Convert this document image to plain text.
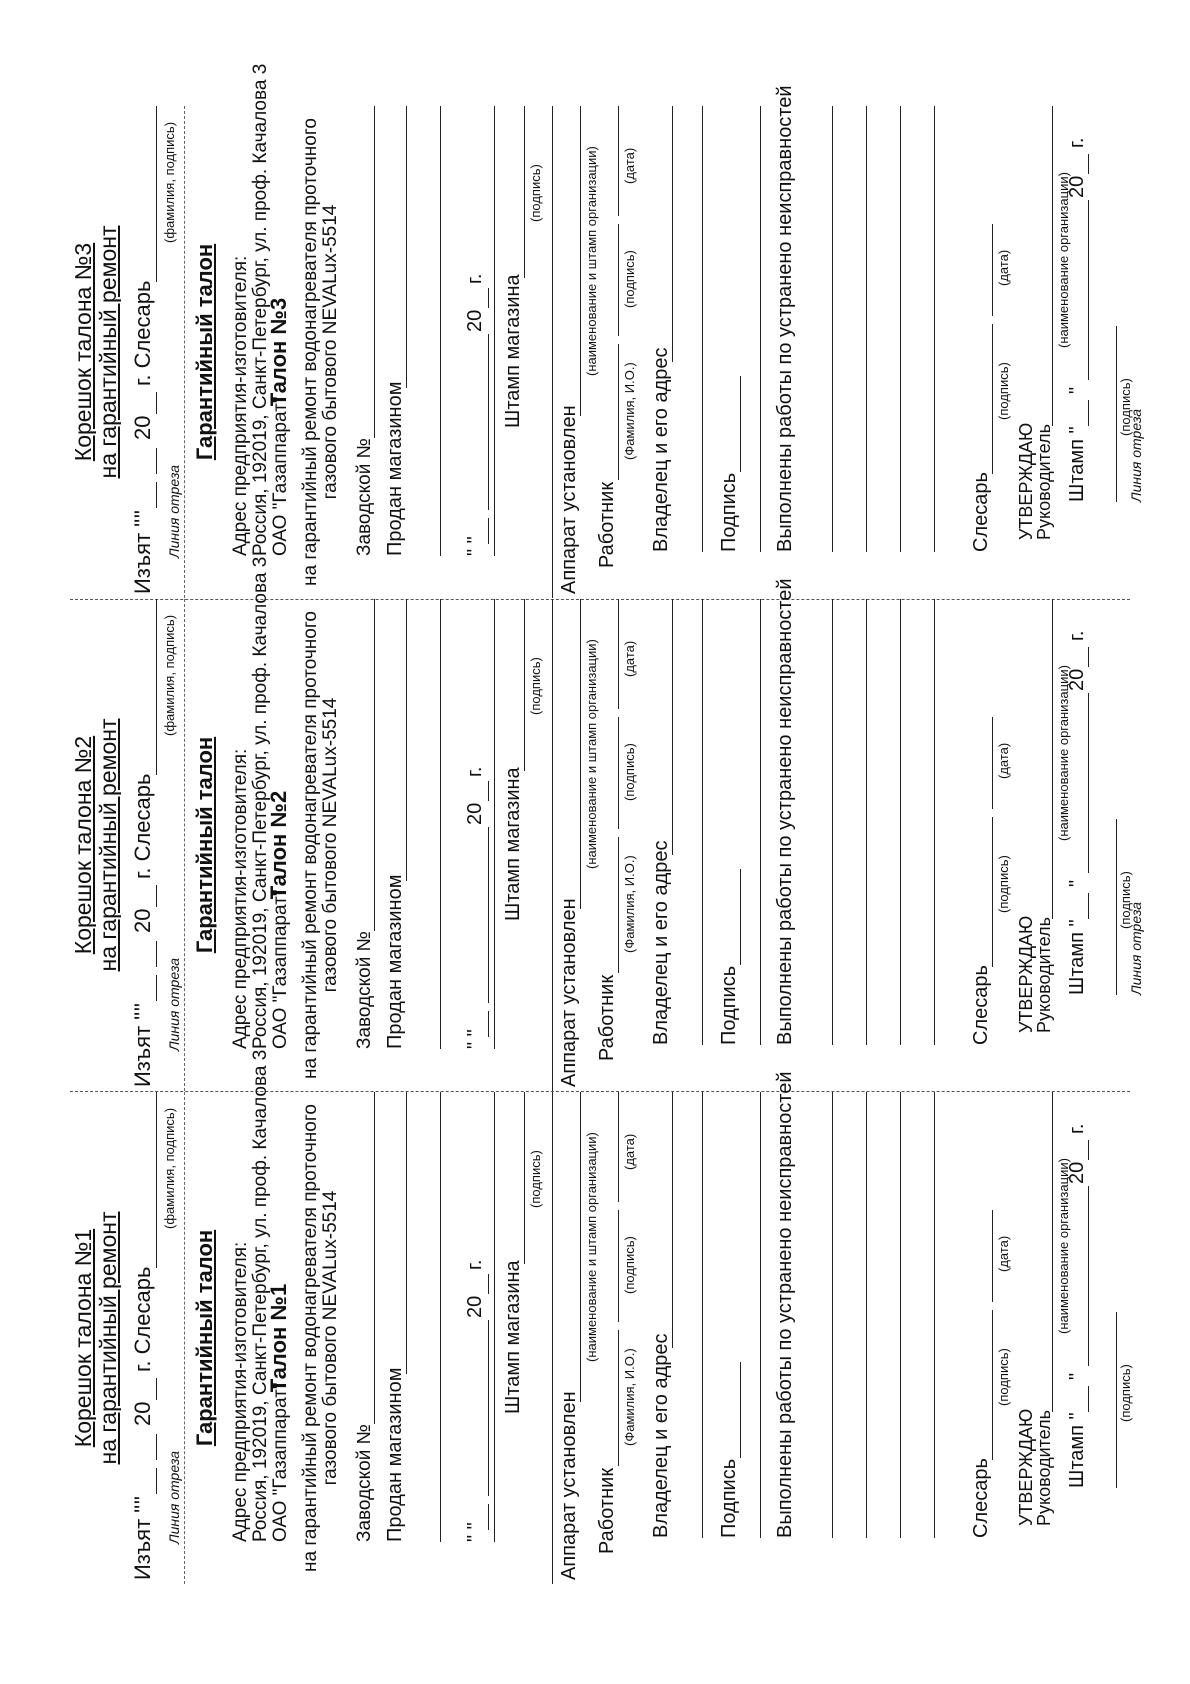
Корешок талона №1 на гарантийный ремонт
Изъят "
"
20
г. Слесарь
(фамилия, подпись)
Линия отреза
Гарантийный талон Адрес предприятия-изготовителя: Россия, 192019, Санкт-Петербург, ул. проф. Качалова 3 ОАО "Газаппарат"
Талон №1 на гарантийный ремонт водонагревателя проточного газового бытового NEVALux-5514 Заводской № Продан магазином	" "
20
г. Штамп магазина
(подпись)
Аппарат установлен
(наименование и штамп организации)
Работник
(Фамилия, И.О.)
(подпись)
(дата)
Владелец и его адрес Подпись Выполнены работы по устранено неисправностей	Слесарь
(подпись)
(дата)
УТВЕРЖДАЮ
Руководитель
(наименование организации)
Штамп "
"
20
г.
(подпись)
Корешок талона №2 на гарантийный ремонт
Изъят "
"
20
г. Слесарь
(фамилия, подпись)
Линия отреза
Гарантийный талон Адрес предприятия-изготовителя: Россия, 192019, Санкт-Петербург, ул. проф. Качалова 3 ОАО "Газаппарат"
Талон №2 на гарантийный ремонт водонагревателя проточного газового бытового NEVALux-5514 Заводской № Продан магазином	" "
20
г. Штамп магазина
(подпись)
Аппарат установлен
(наименование и штамп организации)
Работник
(Фамилия, И.О.)
(подпись)
(дата)
Владелец и его адрес Подпись Выполнены работы по устранено неисправностей	Слесарь
(подпись)
(дата)
УТВЕРЖДАЮ
Руководитель
(наименование организации)
Штамп "
"
20
г.
(подпись)
Линия отреза
Корешок талона №3 на гарантийный ремонт
Изъят "
"
20
г. Слесарь
(фамилия, подпись)
Линия отреза
Гарантийный талон Адрес предприятия-изготовителя: Россия, 192019, Санкт-Петербург, ул. проф. Качалова 3 ОАО "Газаппарат"
Талон №3 на гарантийный ремонт водонагревателя проточного газового бытового NEVALux-5514 Заводской № Продан магазином	" "
20
г. Штамп магазина
(подпись)
Аппарат установлен
(наименование и штамп организации)
Работник
(Фамилия, И.О.)
(подпись)
(дата)
Владелец и его адрес Подпись Выполнены работы по устранено неисправностей	Слесарь
(подпись)
(дата)
УТВЕРЖДАЮ
Руководитель
(наименование организации)
Штамп "
"
20
г.
(подпись)
Линия отреза
